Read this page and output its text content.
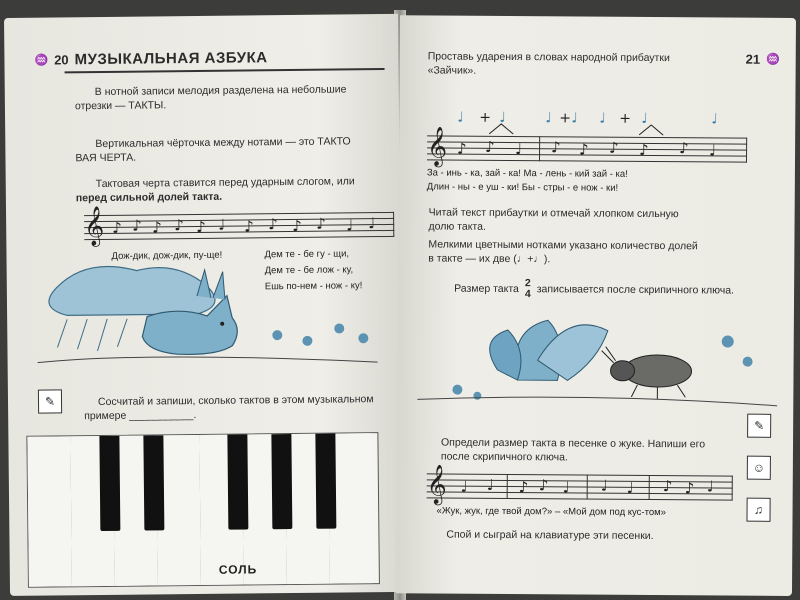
♒ 20 МУЗЫКАЛЬНАЯ АЗБУКА
В нотной записи мелодия разделена на небольшие
отрезки — ТАКТЫ.
Вертикальная чёрточка между нотами — это ТАКТО
ВАЯ ЧЕРТА.
Тактовая черта ставится перед ударным слогом, или
перед сильной долей такта.
𝄞 ♪ ♪ ♪ ♪ ♪ ♩ ♪ ♪ ♪ ♪ ♩ ♩
Дож-дик, дож-дик, пу-ще!	Дем те - бе гу - щи,
Дем те - бе лож - ку,
Ешь по-нем - нож - ку!
✎	Сосчитай и запиши, сколько тактов в этом музыкальном
примере ___________.
СОЛЬ
21 ♒
Проставь ударения в словах народной прибаутки
«Зайчик».
♩ + ♩	♩ + ♩ ♩ + ♩	♩
𝄞 ♪ ♪ ♩ ♪ ♪ ♪ ♪ ♪ ♩
За - инь - ка, зай - ка! Ма - лень - кий зай - ка!
Длин - ны - е уш - ки! Бы - стры - е нож - ки!
Читай текст прибаутки и отмечай хлопком сильную
долю такта.
Мелкими цветными нотками указано количество долей
в такте — их две (♩+♩).
Размер такта 2
4 записывается после скрипичного ключа.
Определи размер такта в песенке о жуке. Напиши его
после скрипичного ключа.
✎
☺
♫
𝄞 ♩ ♩ ♪ ♪ ♩ ♩ ♩ ♪ ♪ ♩
«Жук, жук, где твой дом?» – «Мой дом под кус-том»
Спой и сыграй на клавиатуре эти песенки.
